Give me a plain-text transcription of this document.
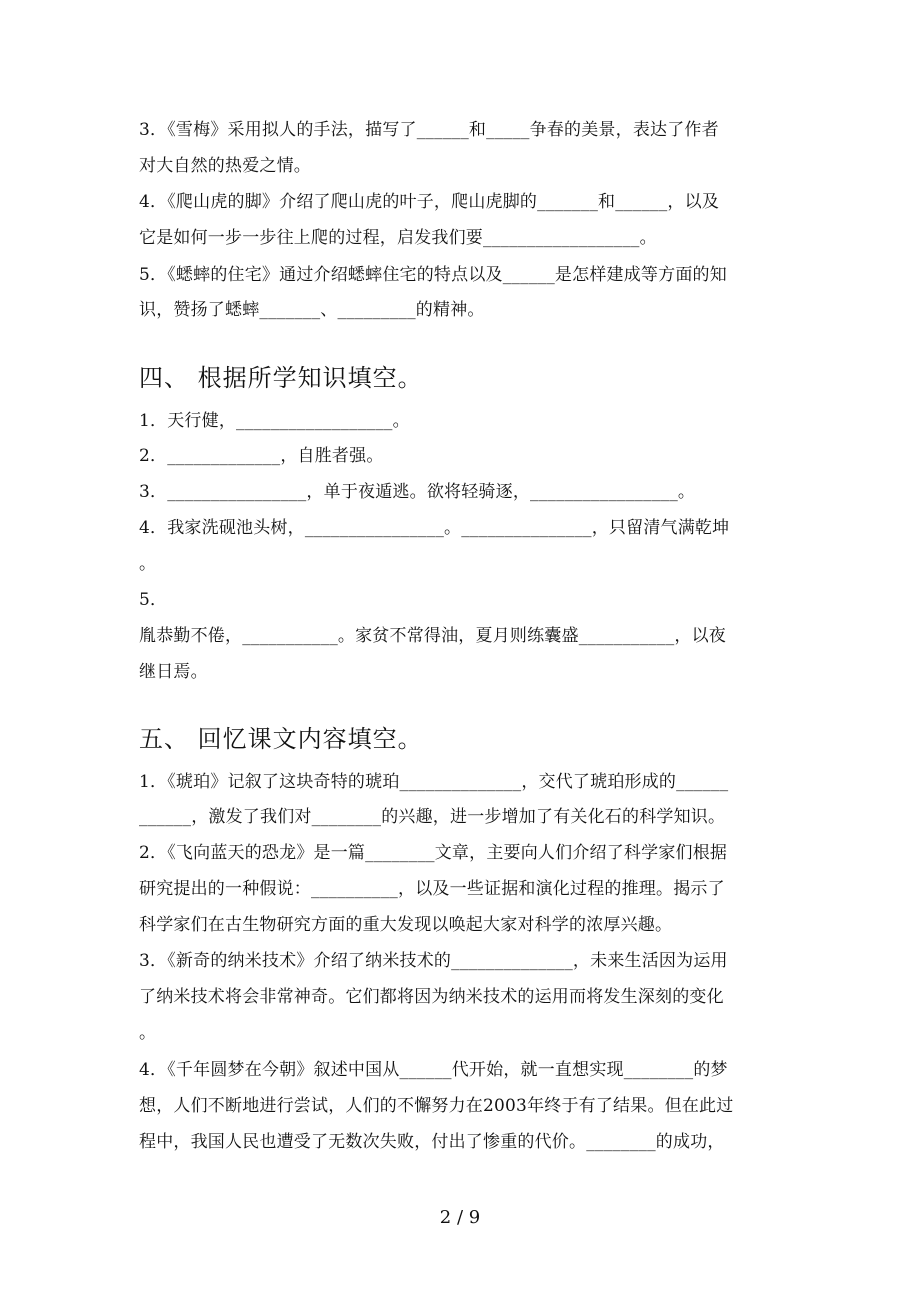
3．《雪梅》采用拟人的手法，描写了______和_____争春的美景，表达了作者
对大自然的热爱之情。
4．《爬山虎的脚》介绍了爬山虎的叶子，爬山虎脚的_______和______，以及
它是如何一步一步往上爬的过程，启发我们要__________________。
5．《蟋蟀的住宅》通过介绍蟋蟀住宅的特点以及______是怎样建成等方面的知
识，赞扬了蟋蟀_______、_________的精神。
四、 根据所学知识填空。
1．天行健，__________________。
2．_____________，自胜者强。
3．________________，单于夜遁逃。欲将轻骑逐，_________________。
4．我家洗砚池头树，________________。_______________，只留清气满乾坤
。
5．
胤恭勤不倦，___________。家贫不常得油，夏月则练囊盛___________，以夜
继日焉。
五、 回忆课文内容填空。
1．《琥珀》记叙了这块奇特的琥珀______________，交代了琥珀形成的______
______，激发了我们对________的兴趣，进一步增加了有关化石的科学知识。
2．《飞向蓝天的恐龙》是一篇________文章，主要向人们介绍了科学家们根据
研究提出的一种假说：__________，以及一些证据和演化过程的推理。揭示了
科学家们在古生物研究方面的重大发现以唤起大家对科学的浓厚兴趣。
3．《新奇的纳米技术》介绍了纳米技术的______________，未来生活因为运用
了纳米技术将会非常神奇。它们都将因为纳米技术的运用而将发生深刻的变化
。
4．《千年圆梦在今朝》叙述中国从______代开始，就一直想实现________的梦
想，人们不断地进行尝试，人们的不懈努力在2003年终于有了结果。但在此过
程中，我国人民也遭受了无数次失败，付出了惨重的代价。________的成功，
2 / 9
